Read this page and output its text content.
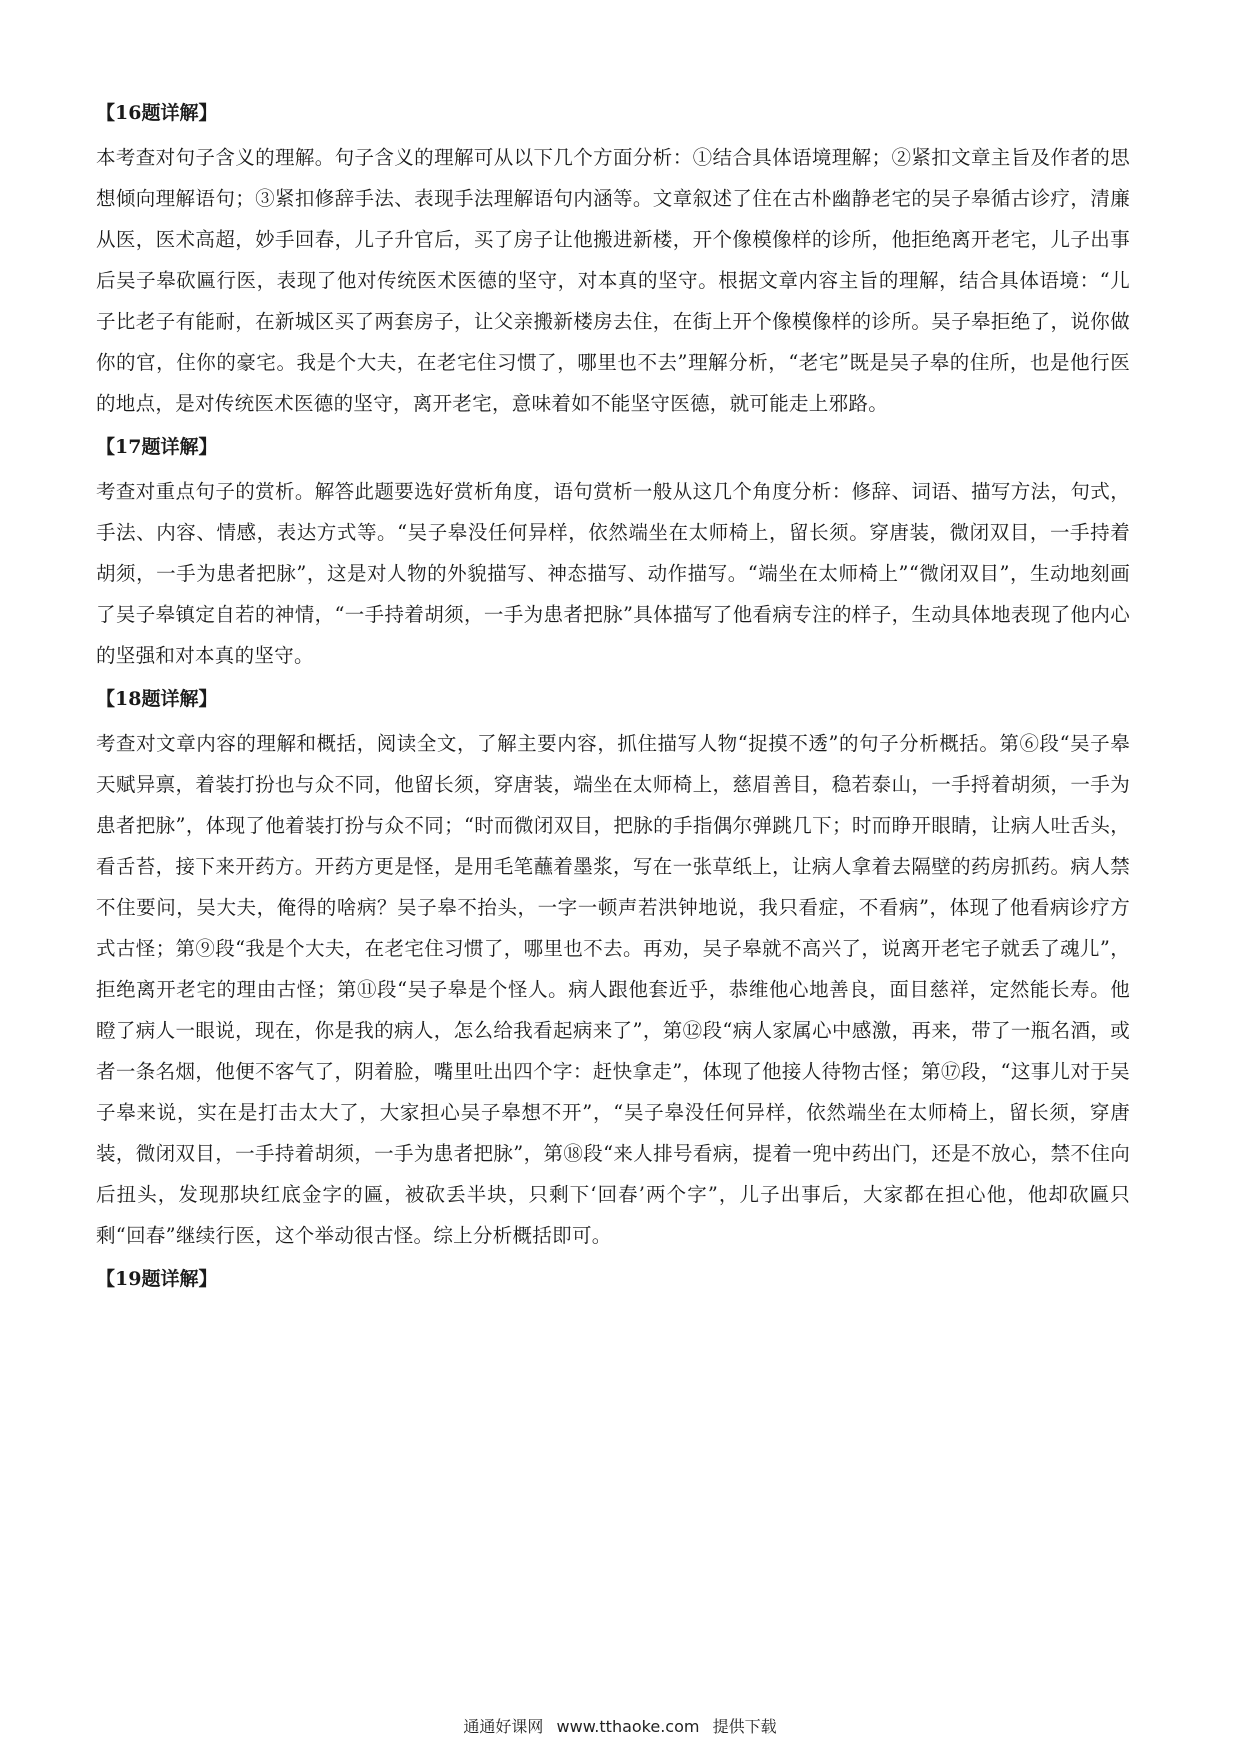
【16题详解】

本考查对句子含义的理解。句子含义的理解可从以下几个方面分析：①结合具体语境理解；②紧扣文章主旨及作者的思想倾向理解语句；③紧扣修辞手法、表现手法理解语句内涵等。文章叙述了住在古朴幽静老宅的吴子皋循古诊疗，清廉从医，医术高超，妙手回春，儿子升官后，买了房子让他搬进新楼，开个像模像样的诊所，他拒绝离开老宅，儿子出事后吴子皋砍匾行医，表现了他对传统医术医德的坚守，对本真的坚守。根据文章内容主旨的理解，结合具体语境：“儿子比老子有能耐，在新城区买了两套房子，让父亲搬新楼房去住，在街上开个像模像样的诊所。吴子皋拒绝了，说你做你的官，住你的豪宅。我是个大夫，在老宅住习惯了，哪里也不去”理解分析，“老宅”既是吴子皋的住所，也是他行医的地点，是对传统医术医德的坚守，离开老宅，意味着如不能坚守医德，就可能走上邪路。

【17题详解】

考查对重点句子的赏析。解答此题要选好赏析角度，语句赏析一般从这几个角度分析：修辞、词语、描写方法，句式，手法、内容、情感，表达方式等。“吴子皋没任何异样，依然端坐在太师椅上，留长须。穿唐装，微闭双目，一手持着胡须，一手为患者把脉”，这是对人物的外貌描写、神态描写、动作描写。“端坐在太师椅上”“微闭双目”，生动地刻画了吴子皋镇定自若的神情，“一手持着胡须，一手为患者把脉”具体描写了他看病专注的样子，生动具体地表现了他内心的坚强和对本真的坚守。

【18题详解】

考查对文章内容的理解和概括，阅读全文，了解主要内容，抓住描写人物“捉摸不透”的句子分析概括。第⑥段“吴子皋天赋异禀，着装打扮也与众不同，他留长须，穿唐装，端坐在太师椅上，慈眉善目，稳若泰山，一手捋着胡须，一手为患者把脉”，体现了他着装打扮与众不同；“时而微闭双目，把脉的手指偶尔弹跳几下；时而睁开眼睛，让病人吐舌头，看舌苔，接下来开药方。开药方更是怪，是用毛笔蘸着墨浆，写在一张草纸上，让病人拿着去隔壁的药房抓药。病人禁不住要问，吴大夫，俺得的啥病？吴子皋不抬头，一字一顿声若洪钟地说，我只看症，不看病”，体现了他看病诊疗方式古怪；第⑨段“我是个大夫，在老宅住习惯了，哪里也不去。再劝，吴子皋就不高兴了，说离开老宅子就丢了魂儿”，拒绝离开老宅的理由古怪；第⑪段“吴子皋是个怪人。病人跟他套近乎，恭维他心地善良，面目慈祥，定然能长寿。他瞪了病人一眼说，现在，你是我的病人，怎么给我看起病来了”，第⑫段“病人家属心中感激，再来，带了一瓶名酒，或者一条名烟，他便不客气了，阴着脸，嘴里吐出四个字：赶快拿走”，体现了他接人待物古怪；第⑰段，“这事儿对于吴子皋来说，实在是打击太大了，大家担心吴子皋想不开”，“吴子皋没任何异样，依然端坐在太师椅上，留长须，穿唐装，微闭双目，一手持着胡须，一手为患者把脉”，第⑱段“来人排号看病，提着一兜中药出门，还是不放心，禁不住向后扭头，发现那块红底金字的匾，被砍丢半块，只剩下‘回春’两个字”，儿子出事后，大家都在担心他，他却砍匾只剩“回春”继续行医，这个举动很古怪。综上分析概括即可。

【19题详解】
通通好课网 www.tthaoke.com 提供下载
